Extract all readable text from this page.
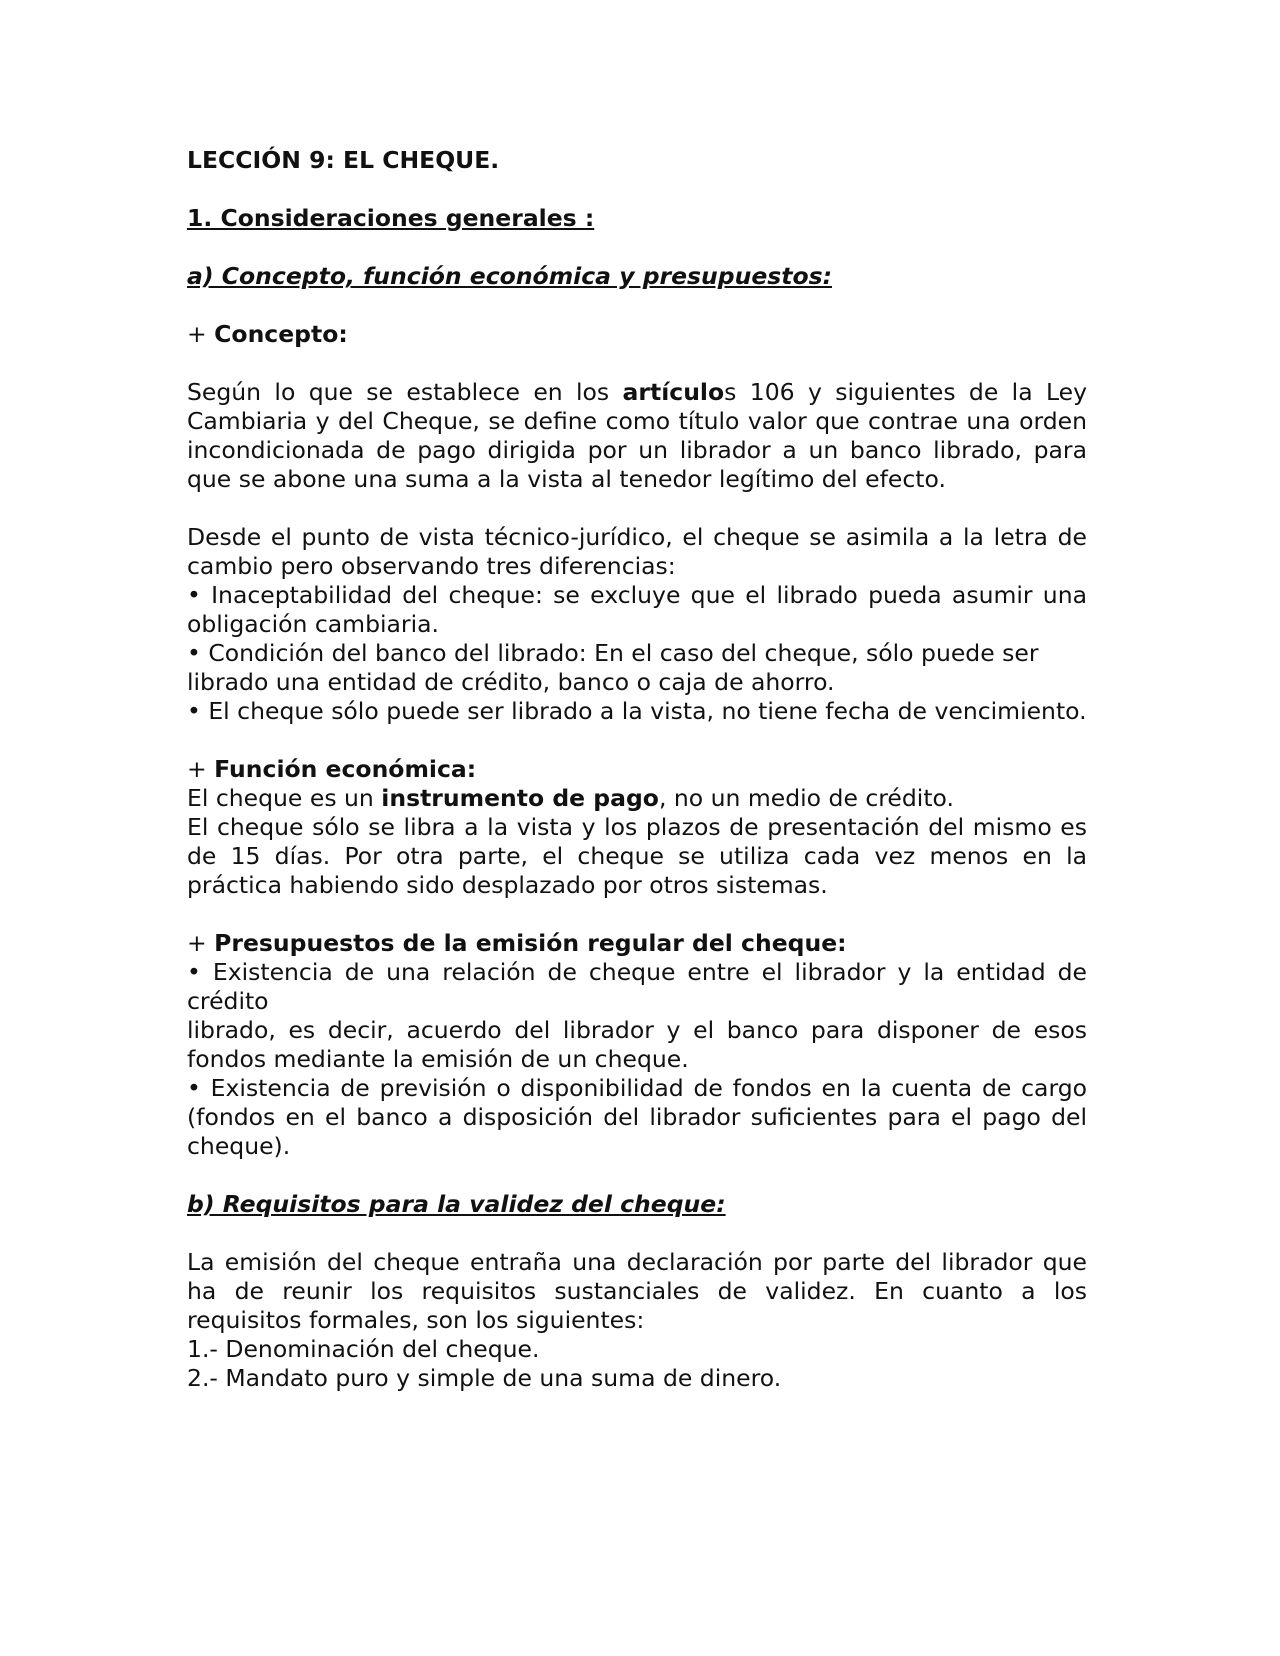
LECCIÓN 9: EL CHEQUE.

1. Consideraciones generales :

a) Concepto, función económica y presupuestos:

+ Concepto:

Según lo que se establece en los artículos 106 y siguientes de la Ley Cambiaria y del Cheque, se define como título valor que contrae una orden incondicionada de pago dirigida por un librador a un banco librado, para que se abone una suma a la vista al tenedor legítimo del efecto.

Desde el punto de vista técnico-jurídico, el cheque se asimila a la letra de cambio pero observando tres diferencias:

• Inaceptabilidad del cheque: se excluye que el librado pueda asumir una obligación cambiaria.

• Condición del banco del librado: En el caso del cheque, sólo puede ser

librado una entidad de crédito, banco o caja de ahorro.

• El cheque sólo puede ser librado a la vista, no tiene fecha de vencimiento.

+ Función económica:

El cheque es un instrumento de pago, no un medio de crédito.

El cheque sólo se libra a la vista y los plazos de presentación del mismo es de 15 días. Por otra parte, el cheque se utiliza cada vez menos en la práctica habiendo sido desplazado por otros sistemas.

+ Presupuestos de la emisión regular del cheque:

• Existencia de una relación de cheque entre el librador y la entidad de crédito

librado, es decir, acuerdo del librador y el banco para disponer de esos fondos mediante la emisión de un cheque.

• Existencia de previsión o disponibilidad de fondos en la cuenta de cargo (fondos en el banco a disposición del librador suficientes para el pago del cheque).

b) Requisitos para la validez del cheque:

La emisión del cheque entraña una declaración por parte del librador que ha de reunir los requisitos sustanciales de validez. En cuanto a los requisitos formales, son los siguientes:

1.- Denominación del cheque.

2.- Mandato puro y simple de una suma de dinero.
